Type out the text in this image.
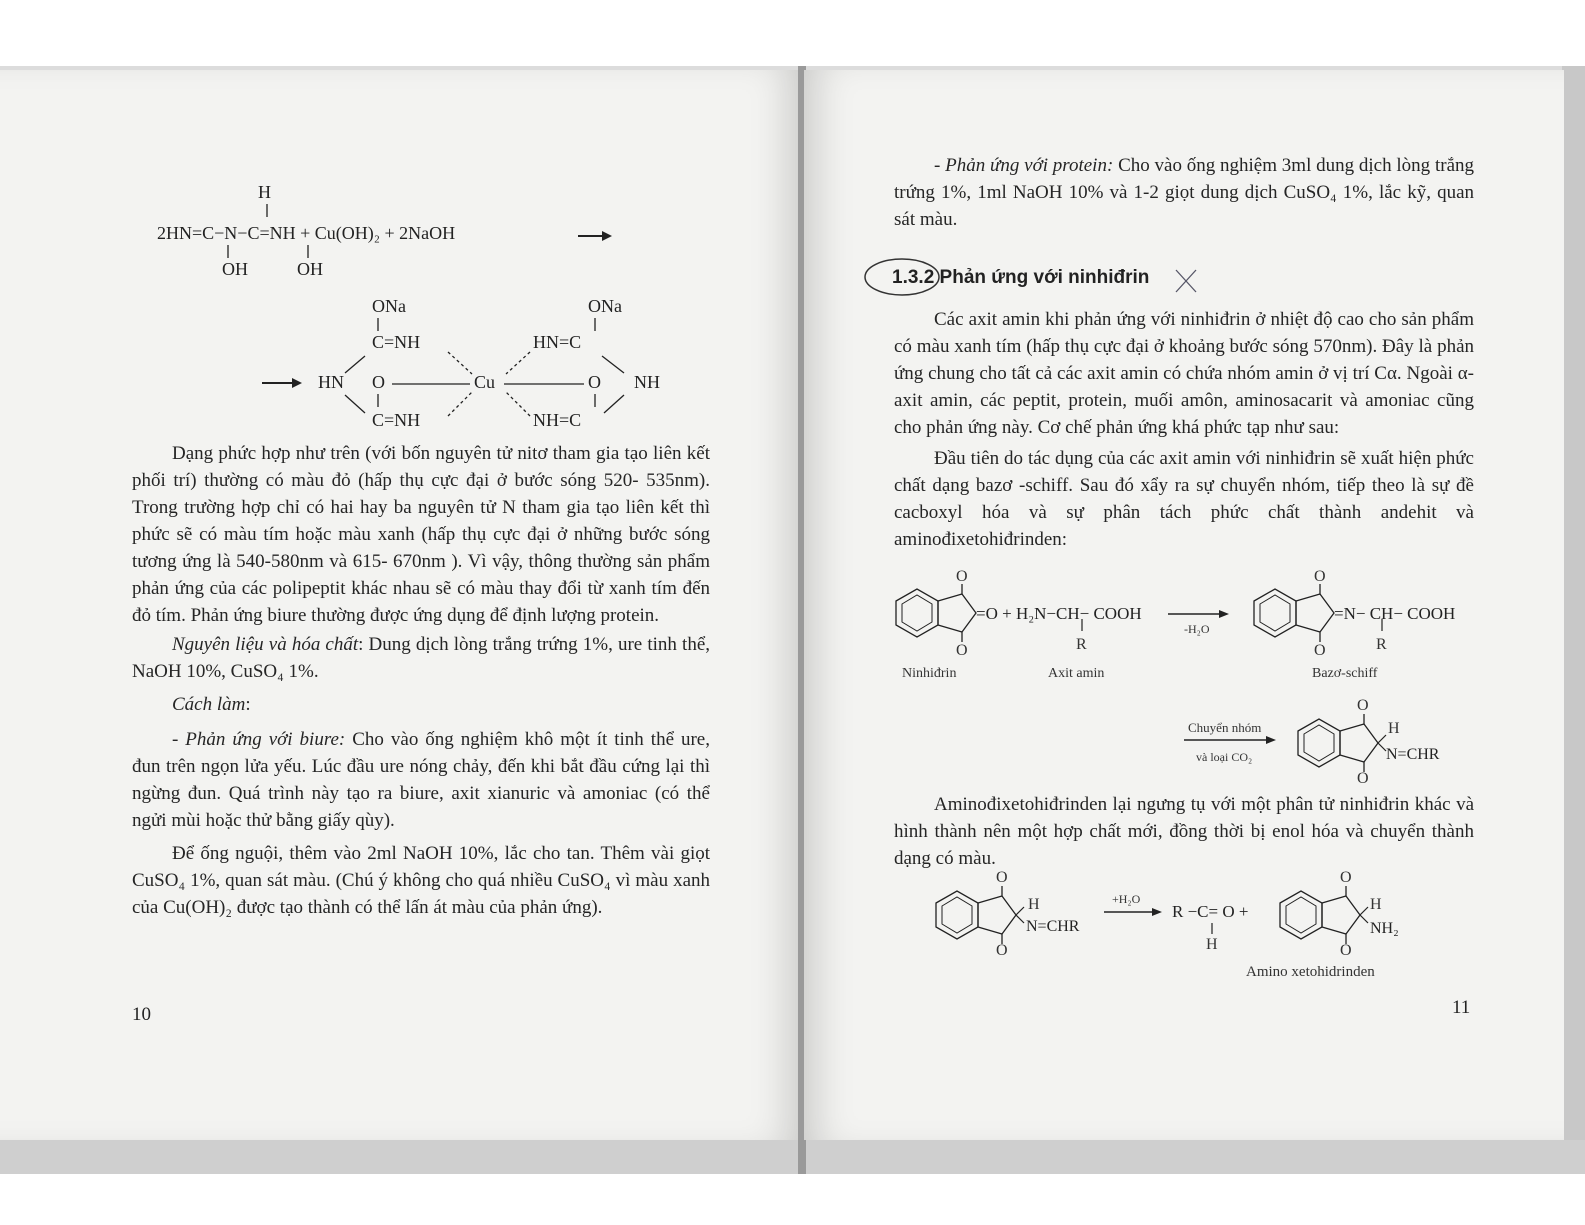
H
2HN=C−N−C=NH + Cu(OH)₂ + 2NaOH
OH	OH
ONa	ONa
C=NH	HN=C
HN O	Cu	O NH
C=NH	NH=C

Dạng phức hợp như trên (với bốn nguyên tử nitơ tham gia tạo liên kết phối trí) thường có màu đỏ (hấp thụ cực đại ở bước sóng 520- 535nm). Trong trường hợp chỉ có hai hay ba nguyên tử N tham gia tạo liên kết thì phức sẽ có màu tím hoặc màu xanh (hấp thụ cực đại ở những bước sóng tương ứng là 540-580nm và 615- 670nm ). Vì vậy, thông thường sản phẩm phản ứng của các polipeptit khác nhau sẽ có màu thay đổi từ xanh tím đến đỏ tím. Phản ứng biure thường được ứng dụng để định lượng protein.

Nguyên liệu và hóa chất: Dung dịch lòng trắng trứng 1%, ure tinh thể, NaOH 10%, CuSO₄ 1%.

Cách làm:

- Phản ứng với biure: Cho vào ống nghiệm khô một ít tinh thể ure, đun trên ngọn lửa yếu. Lúc đầu ure nóng chảy, đến khi bắt đầu cứng lại thì ngừng đun. Quá trình này tạo ra biure, axit xianuric và amoniac (có thể ngửi mùi hoặc thử bằng giấy qùy).

Để ống nguội, thêm vào 2ml NaOH 10%, lắc cho tan. Thêm vài giọt CuSO₄ 1%, quan sát màu. (Chú ý không cho quá nhiều CuSO₄ vì màu xanh của Cu(OH)₂ được tạo thành có thể lấn át màu của phản ứng).

10

- Phản ứng với protein: Cho vào ống nghiệm 3ml dung dịch lòng trắng trứng 1%, 1ml NaOH 10% và 1-2 giọt dung dịch CuSO₄ 1%, lắc kỹ, quan sát màu.

1.3.2 Phản ứng với ninhiđrin

Các axit amin khi phản ứng với ninhiđrin ở nhiệt độ cao cho sản phẩm có màu xanh tím (hấp thụ cực đại ở khoảng bước sóng 570nm). Đây là phản ứng chung cho tất cả các axit amin có chứa nhóm amin ở vị trí Cα. Ngoài α-axit amin, các peptit, protein, muối amôn, aminosacarit và amoniac cũng cho phản ứng này. Cơ chế phản ứng khá phức tạp như sau:

Đầu tiên do tác dụng của các axit amin với ninhiđrin sẽ xuất hiện phức chất dạng bazơ -schiff. Sau đó xẩy ra sự chuyển nhóm, tiếp theo là sự đề cacboxyl hóa và sự phân tách phức chất thành andehit và aminođixetohiđrinden:

O
O
=O + H₂N−CH− COOH
R
-H₂O
O
O
=N− CH− COOH
R
Ninhiđrin	Axit amin	Bazơ-schiff
Chuyển nhóm
và loại CO₂
O
O
H
N=CHR

Aminođixetohiđrinden lại ngưng tụ với một phân tử ninhiđrin khác và hình thành nên một hợp chất mới, đồng thời bị enol hóa và chuyển thành dạng có màu.

O
O
H
N=CHR
+H₂O
R −C= O +
H
O
O
H
NH₂
Amino xetohidrinden
11
